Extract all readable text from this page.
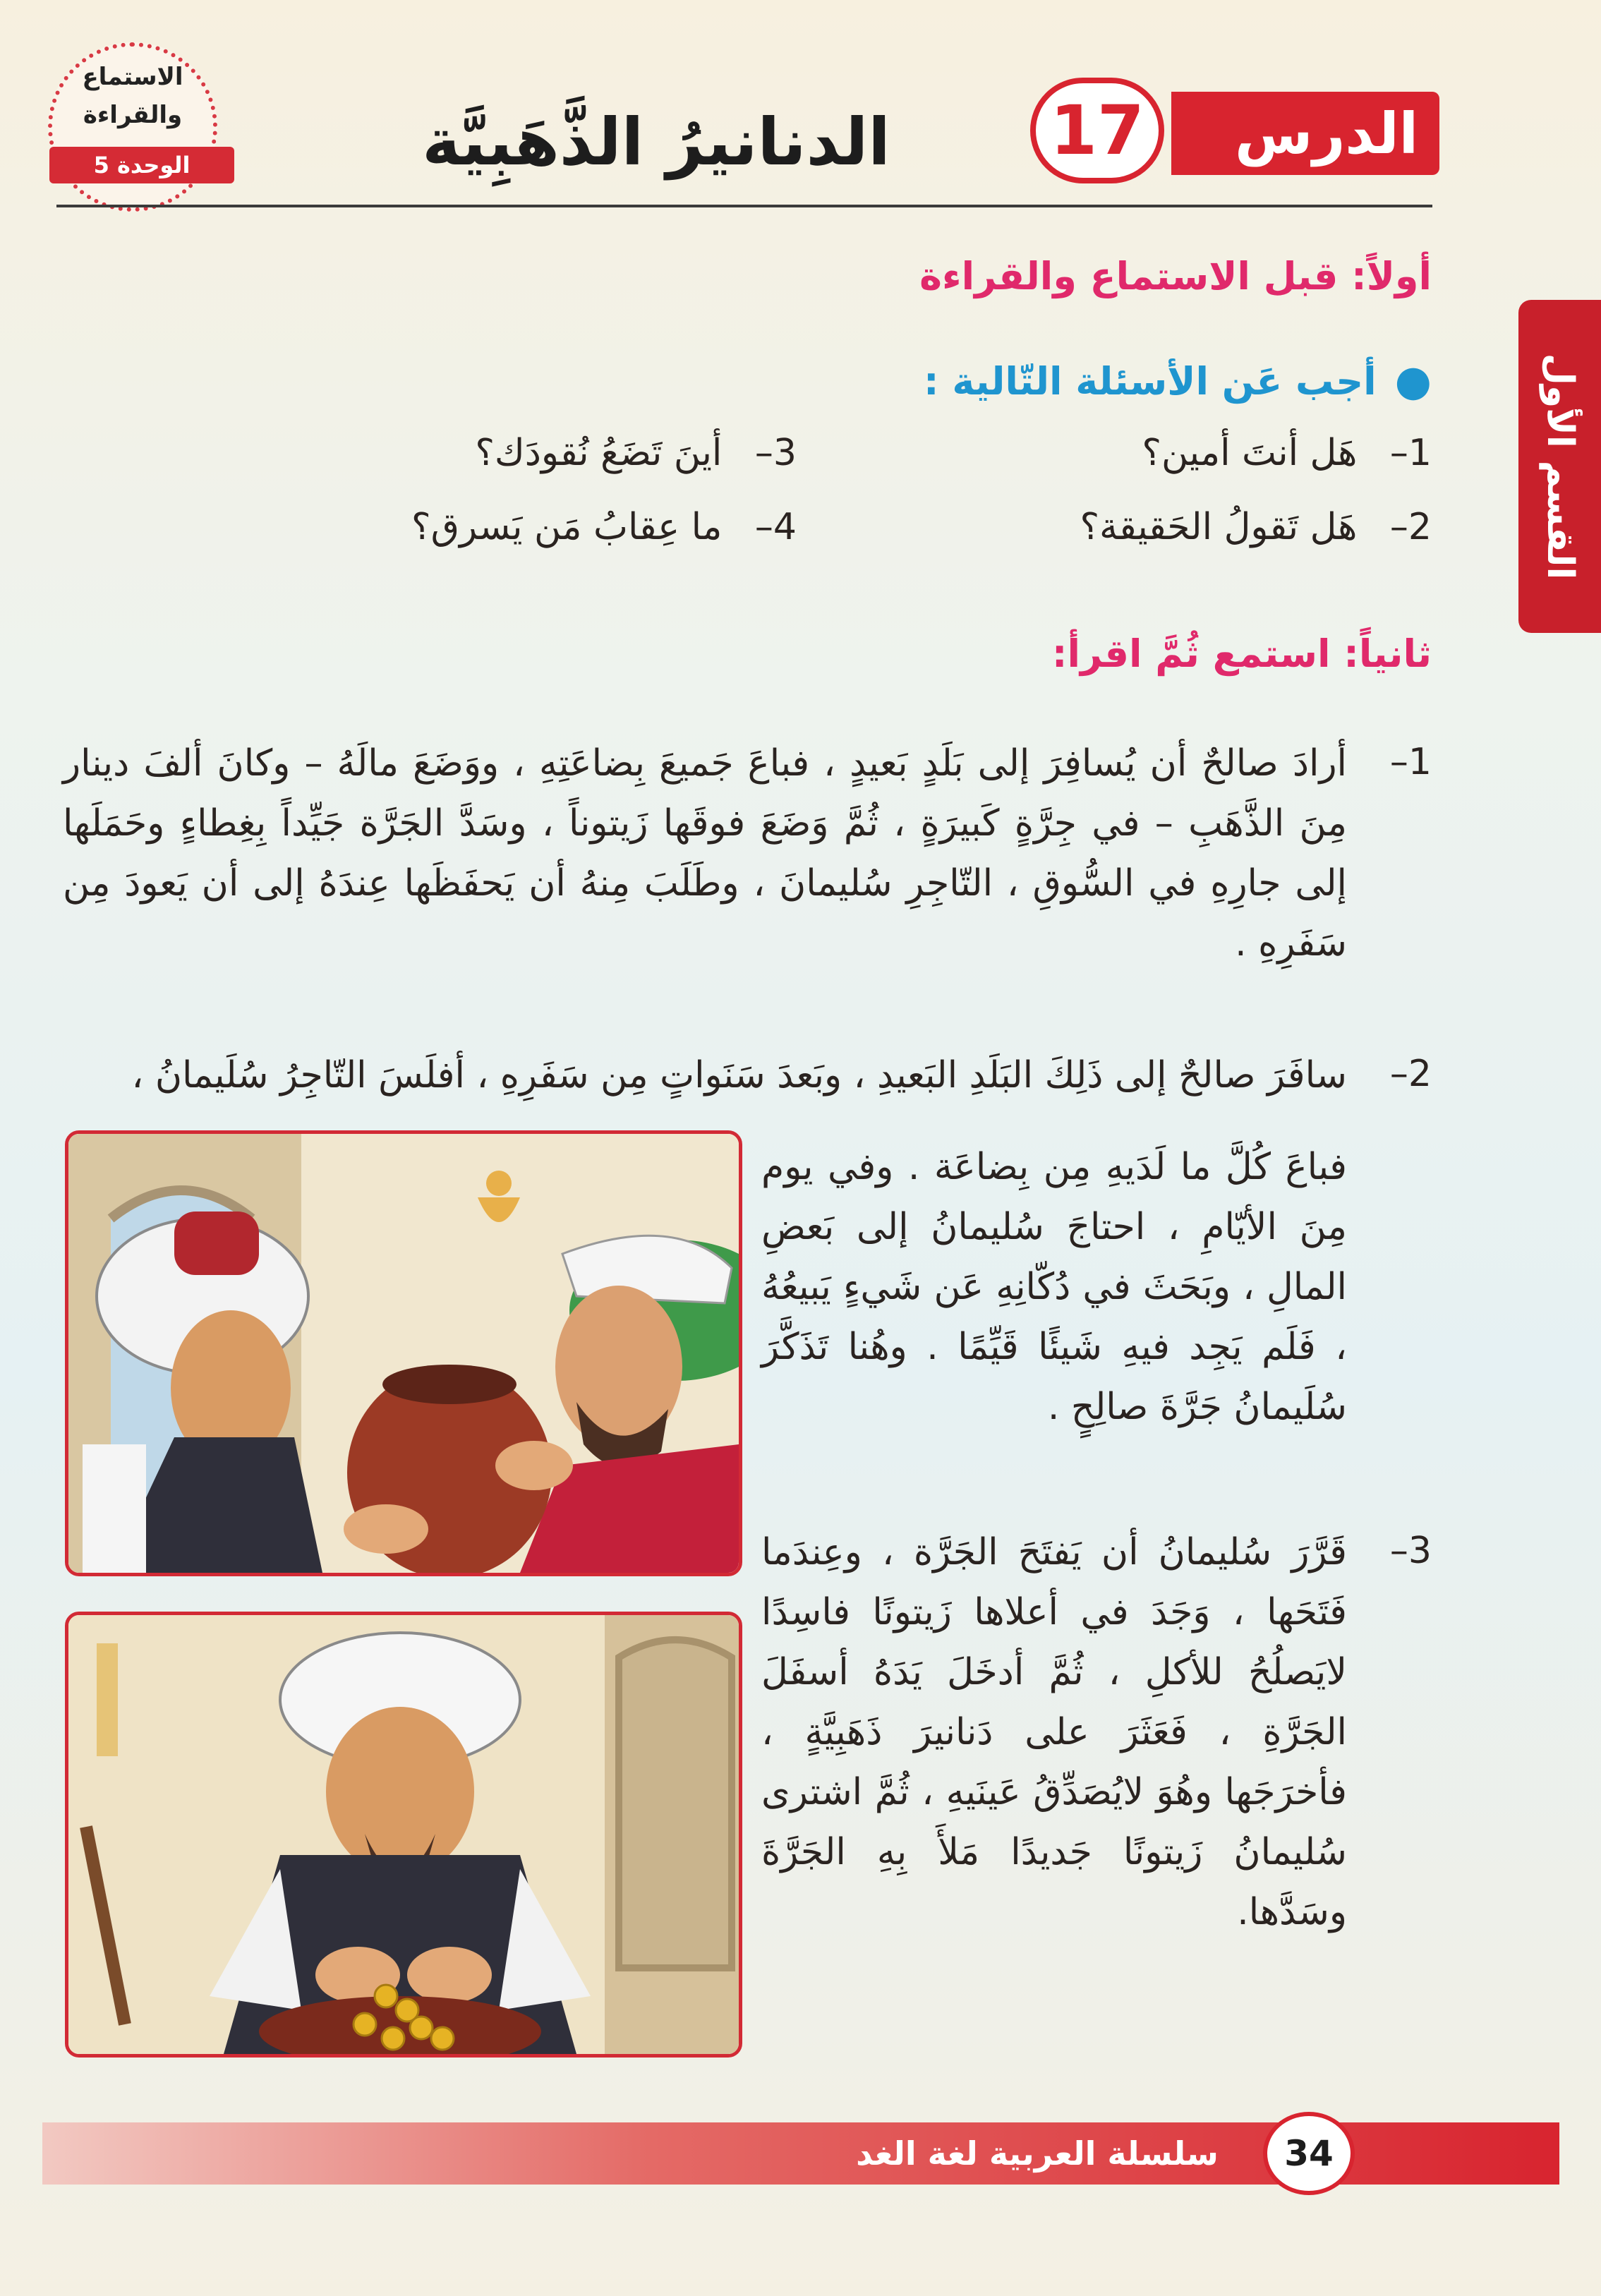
الاستماع
والقراءة
الوحدة 5	الدنانيرُ الذَّهَبِيَّة	الدرس
17
القسم الأول
أولاً: قبل الاستماع والقراءة
●
أجب عَن الأسئلة التّالية :
1– هَل أنتَ أمين؟
2– هَل تَقولُ الحَقيقة؟
3– أينَ تَضَعُ نُقودَك؟
4– ما عِقابُ مَن يَسرق؟
ثانياً: استمع ثُمَّ اقرأ:
1–
أرادَ صالحٌ أن يُسافِرَ إلى بَلَدٍ بَعيدٍ ، فباعَ جَميعَ بِضاعَتِهِ ، ووَضَعَ مالَهُ – وكانَ ألفَ دينار مِنَ الذَّهَبِ – في جِرَّةٍ كَبيرَةٍ ، ثُمَّ وَضَعَ فوقَها زَيتوناً ، وسَدَّ الجَرَّة جَيِّداً بِغِطاءٍ وحَمَلَها إلى جارِهِ في السُّوقِ ، التّاجِرِ سُليمانَ ، وطَلَبَ مِنهُ أن يَحفَظَها عِندَهُ إلى أن يَعودَ مِن سَفَرِهِ .
2–
سافَرَ صالحٌ إلى ذَلِكَ البَلَدِ البَعيدِ ، وبَعدَ سَنَواتٍ مِن سَفَرِهِ ، أفلَسَ التّاجِرُ سُلَيمانُ ،
فباعَ كُلَّ ما لَدَيهِ مِن بِضاعَة . وفي يوم مِنَ الأيّامِ ، احتاجَ سُليمانُ إلى بَعضِ المالِ ، وبَحَثَ في دُكّانِهِ عَن شَيءٍ يَبيعُهُ ، فَلَم يَجِد فيهِ شَيئًا قَيِّمًا . وهُنا تَذَكَّرَ سُلَيمانُ جَرَّةَ صالِحٍ .
3–
قَرَّرَ سُليمانُ أن يَفتَحَ الجَرَّة ، وعِندَما فَتَحَها ، وَجَدَ في أعلاها زَيتونًا فاسِدًا لايَصلُحُ للأكلِ ، ثُمَّ أدخَلَ يَدَهُ أسفَلَ الجَرَّةِ ، فَعَثَرَ على دَنانيرَ ذَهَبِيَّةٍ ، فأخرَجَها وهُوَ لايُصَدِّقُ عَينَيهِ ، ثُمَّ اشترى سُليمانُ زَيتونًا جَديدًا مَلأَ بِهِ الجَرَّةَ وسَدَّها.
سلسلة العربية لغة الغد	34
